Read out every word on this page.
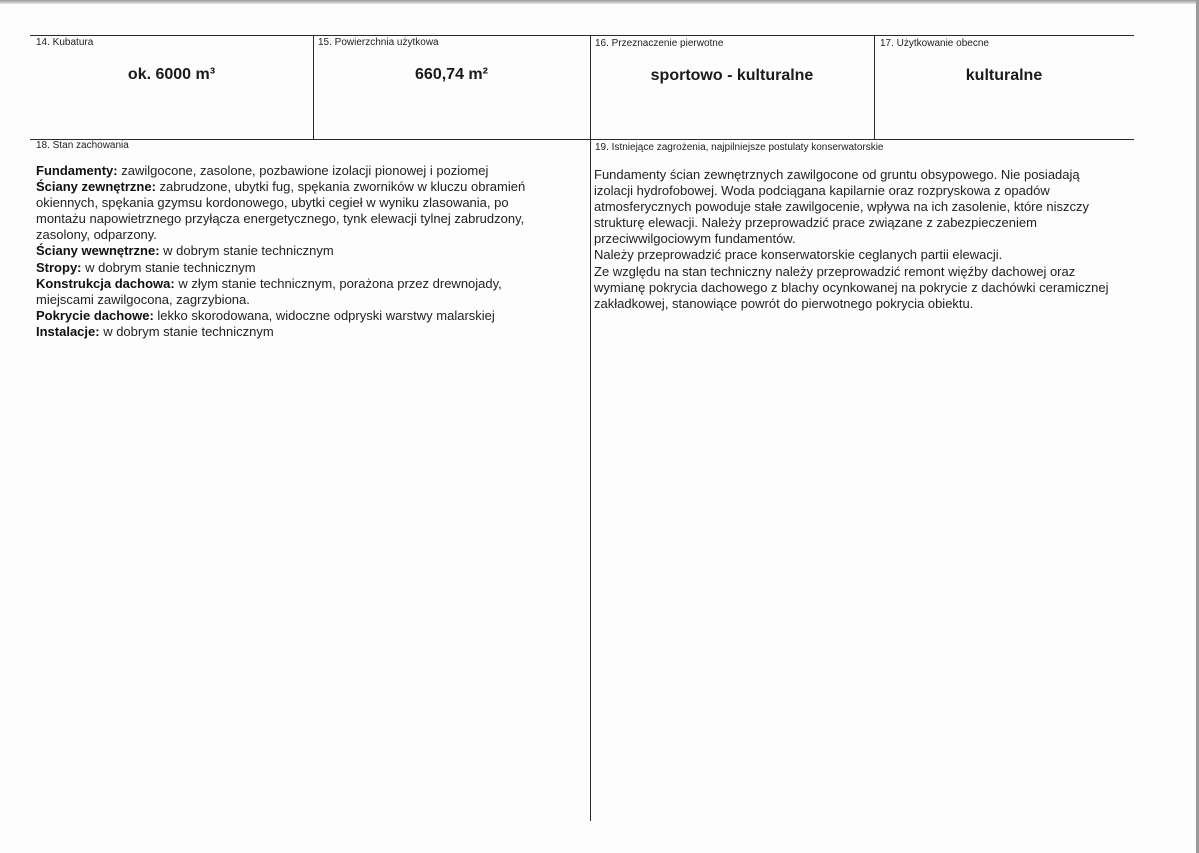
14. Kubatura
ok. 6000 m³
15. Powierzchnia użytkowa
660,74 m²
16. Przeznaczenie pierwotne
sportowo - kulturalne
17. Użytkowanie obecne
kulturalne
18. Stan zachowania
Fundamenty: zawilgocone, zasolone, pozbawione izolacji pionowej i poziomej
Ściany zewnętrzne: zabrudzone, ubytki fug, spękania zworników w kluczu obramień
okiennych, spękania gzymsu kordonowego, ubytki cegieł w wyniku zlasowania, po
montażu napowietrznego przyłącza energetycznego, tynk elewacji tylnej zabrudzony,
zasolony, odparzony.
Ściany wewnętrzne: w dobrym stanie technicznym
Stropy: w dobrym stanie technicznym
Konstrukcja dachowa: w złym stanie technicznym, porażona przez drewnojady,
miejscami zawilgocona, zagrzybiona.
Pokrycie dachowe: lekko skorodowana, widoczne odpryski warstwy malarskiej
Instalacje: w dobrym stanie technicznym
19. Istniejące zagrożenia, najpilniejsze postulaty konserwatorskie
Fundamenty ścian zewnętrznych zawilgocone od gruntu obsypowego. Nie posiadają
izolacji hydrofobowej. Woda podciągana kapilarnie oraz rozpryskowa z opadów
atmosferycznych powoduje stałe zawilgocenie, wpływa na ich zasolenie, które niszczy
strukturę elewacji. Należy przeprowadzić prace związane z zabezpieczeniem
przeciwwilgociowym fundamentów.
Należy przeprowadzić prace konserwatorskie ceglanych partii elewacji.
Ze względu na stan techniczny należy przeprowadzić remont więźby dachowej oraz
wymianę pokrycia dachowego z blachy ocynkowanej na pokrycie z dachówki ceramicznej
zakładkowej, stanowiące powrót do pierwotnego pokrycia obiektu.
